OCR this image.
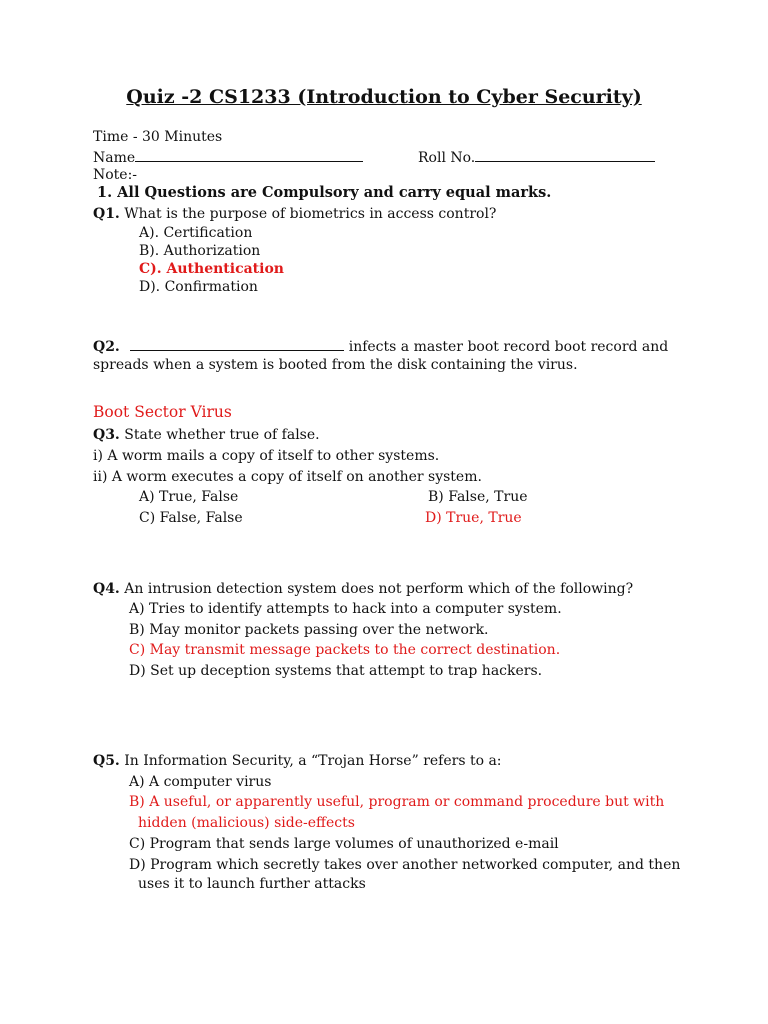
Quiz -2 CS1233 (Introduction to Cyber Security)
Time - 30 Minutes
Name	Roll No.
Note:-
1. All Questions are Compulsory and carry equal marks.
Q1. What is the purpose of biometrics in access control?
A). Certification
B). Authorization
C). Authentication
D). Confirmation
Q2.	infects a master boot record boot record and
spreads when a system is booted from the disk containing the virus.
Boot Sector Virus
Q3. State whether true of false.
i) A worm mails a copy of itself to other systems.
ii) A worm executes a copy of itself on another system.
A) True, False	B) False, True
C) False, False	D) True, True
Q4. An intrusion detection system does not perform which of the following?
A) Tries to identify attempts to hack into a computer system.
B) May monitor packets passing over the network.
C) May transmit message packets to the correct destination.
D) Set up deception systems that attempt to trap hackers.
Q5. In Information Security, a “Trojan Horse” refers to a:
A) A computer virus
B) A useful, or apparently useful, program or command procedure but with
hidden (malicious) side-effects
C) Program that sends large volumes of unauthorized e-mail
D) Program which secretly takes over another networked computer, and then
uses it to launch further attacks
